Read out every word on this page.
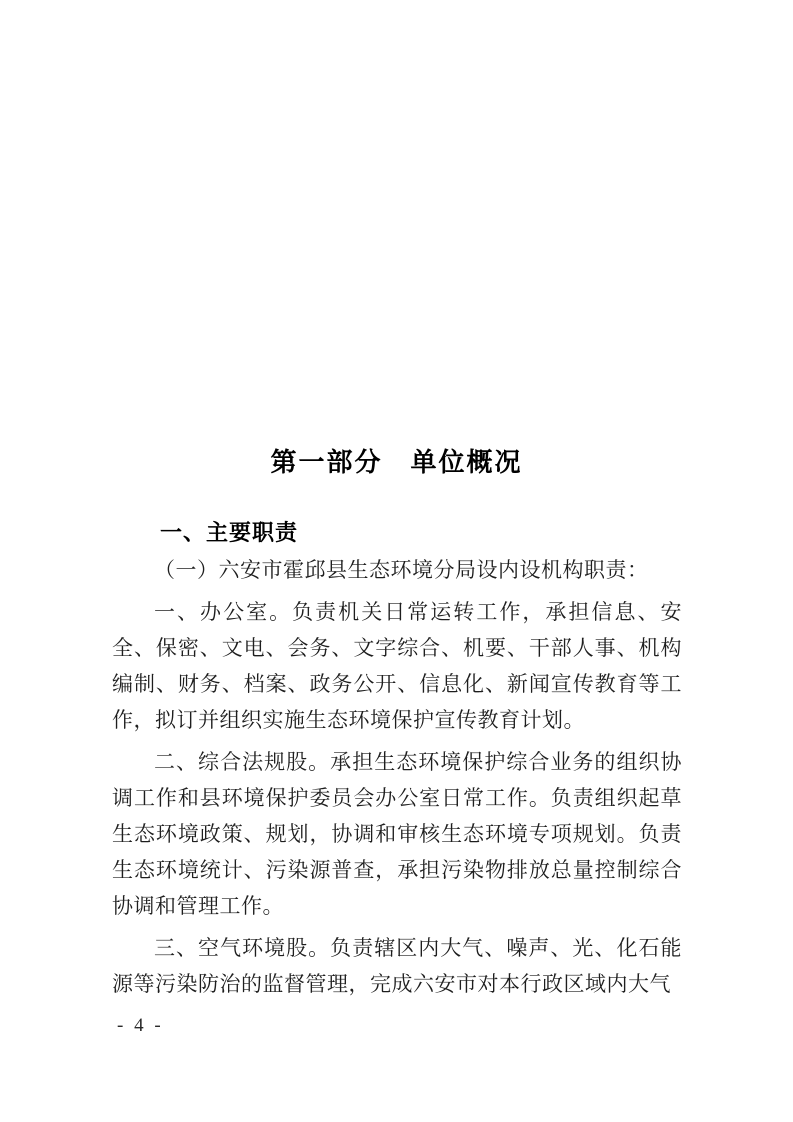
第一部分　单位概况
一、主要职责

（一）六安市霍邱县生态环境分局设内设机构职责：

一、办公室。负责机关日常运转工作，承担信息、安全、保密、文电、会务、文字综合、机要、干部人事、机构编制、财务、档案、政务公开、信息化、新闻宣传教育等工作，拟订并组织实施生态环境保护宣传教育计划。

二、综合法规股。承担生态环境保护综合业务的组织协调工作和县环境保护委员会办公室日常工作。负责组织起草生态环境政策、规划，协调和审核生态环境专项规划。负责生态环境统计、污染源普查，承担污染物排放总量控制综合协调和管理工作。

三、空气环境股。负责辖区内大气、噪声、光、化石能源等污染防治的监督管理，完成六安市对本行政区域内大气

- 4 -
